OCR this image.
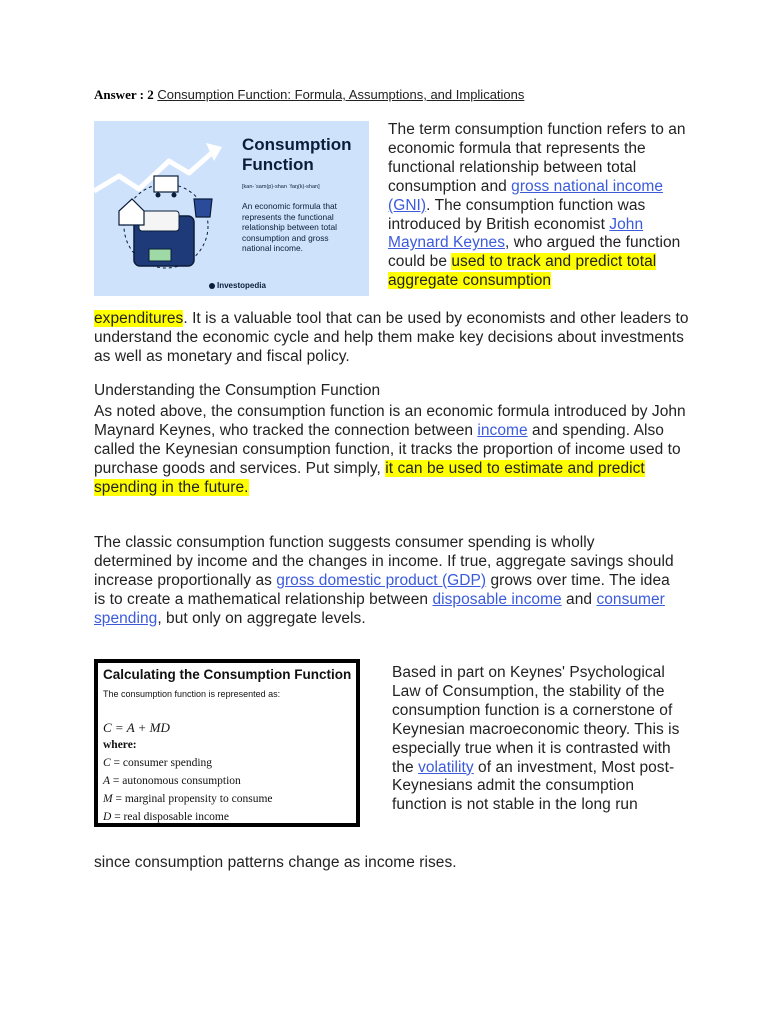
Answer : 2 Consumption Function: Formula, Assumptions, and Implications
Consumption
Function
[kan-ˈsam(p)-shan ˈfaŋ(k)-shan]
An economic formula that represents the functional relationship between total consumption and gross national income.
Investopedia
The term consumption function refers to an economic formula that represents the functional relationship between total consumption and gross national income (GNI). The consumption function was introduced by British economist John Maynard Keynes, who argued the function could be used to track and predict total aggregate consumption
expenditures. It is a valuable tool that can be used by economists and other leaders to understand the economic cycle and help them make key decisions about investments as well as monetary and fiscal policy.
Understanding the Consumption Function
As noted above, the consumption function is an economic formula introduced by John Maynard Keynes, who tracked the connection between income and spending. Also called the Keynesian consumption function, it tracks the proportion of income used to purchase goods and services. Put simply, it can be used to estimate and predict spending in the future.
The classic consumption function suggests consumer spending is wholly determined by income and the changes in income. If true, aggregate savings should increase proportionally as gross domestic product (GDP) grows over time. The idea is to create a mathematical relationship between disposable income and consumer spending, but only on aggregate levels.
Calculating the Consumption Function
The consumption function is represented as:
C = A + MD
where:
C = consumer spending
A = autonomous consumption
M = marginal propensity to consume
D = real disposable income
Based in part on Keynes' Psychological Law of Consumption, the stability of the consumption function is a cornerstone of Keynesian macroeconomic theory. This is especially true when it is contrasted with the volatility of an investment, Most post-Keynesians admit the consumption function is not stable in the long run
since consumption patterns change as income rises.
